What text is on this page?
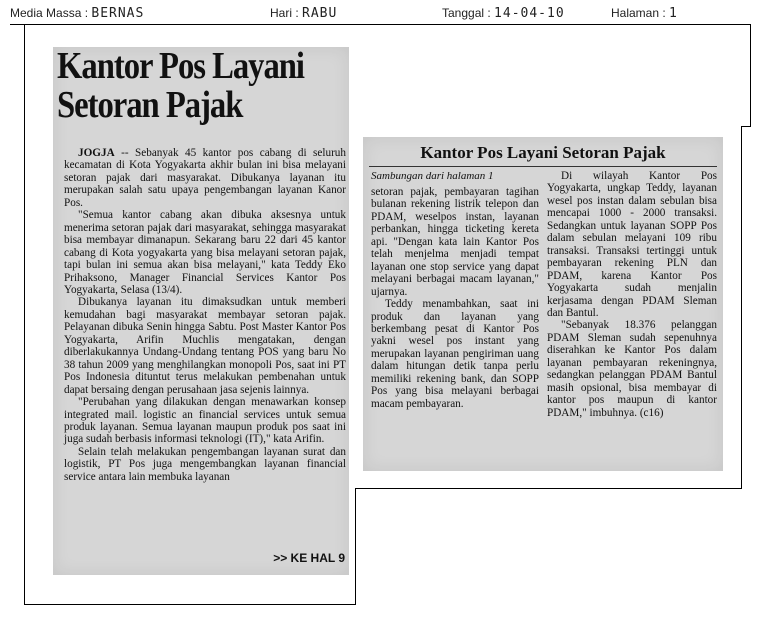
Media Massa : BERNAS	Hari : RABU	Tanggal : 14-04-10	Halaman : 1
Kantor Pos Layani
Setoran Pajak

JOGJA -- Sebanyak 45 kantor pos cabang di seluruh kecamatan di Kota Yogyakarta akhir bulan ini bisa melayani setoran pajak dari masyarakat. Dibukanya layanan itu merupakan salah satu upaya pengembangan layanan Kanor Pos.

"Semua kantor cabang akan dibuka aksesnya untuk menerima setoran pajak dari masyarakat, sehingga masyarakat bisa membayar dimanapun. Sekarang baru 22 dari 45 kantor cabang di Kota yogyakarta yang bisa melayani setoran pajak, tapi bulan ini semua akan bisa melayani," kata Teddy Eko Prihaksono, Manager Financial Services Kantor Pos Yogyakarta, Selasa (13/4).

Dibukanya layanan itu dimaksudkan untuk memberi kemudahan bagi masyarakat membayar setoran pajak. Pelayanan dibuka Senin hingga Sabtu. Post Master Kantor Pos Yogyakarta, Arifin Muchlis mengatakan, dengan diberlakukannya Undang-Undang tentang POS yang baru No 38 tahun 2009 yang menghilangkan monopoli Pos, saat ini PT Pos Indonesia dituntut terus melakukan pembenahan untuk dapat bersaing dengan perusahaan jasa sejenis lainnya.

"Perubahan yang dilakukan dengan menawarkan konsep integrated mail. logistic an financial services untuk semua produk layanan. Semua layanan maupun produk pos saat ini juga sudah berbasis informasi teknologi (IT)," kata Arifin.

Selain telah melakukan pengembangan layanan surat dan logistik, PT Pos juga mengembangkan layanan financial service antara lain membuka layanan

>> KE HAL 9
Kantor Pos Layani Setoran Pajak
Sambungan dari halaman 1

setoran pajak, pembayaran tagihan bulanan rekening listrik telepon dan PDAM, weselpos instan, layanan perbankan, hingga ticketing kereta api. "Dengan kata lain Kantor Pos telah menjelma menjadi tempat layanan one stop service yang dapat melayani berbagai macam layanan," ujarnya.

Teddy menambahkan, saat ini produk dan layanan yang berkembang pesat di Kantor Pos yakni wesel pos instant yang merupakan layanan pengiriman uang dalam hitungan detik tanpa perlu memiliki rekening bank, dan SOPP Pos yang bisa melayani berbagai macam pembayaran.

Di wilayah Kantor Pos Yogyakarta, ungkap Teddy, layanan wesel pos instan dalam sebulan bisa mencapai 1000 - 2000 transaksi. Sedangkan untuk layanan SOPP Pos dalam sebulan melayani 109 ribu transaksi. Transaksi tertinggi untuk pembayaran rekening PLN dan PDAM, karena Kantor Pos Yogyakarta sudah menjalin kerjasama dengan PDAM Sleman dan Bantul.

"Sebanyak 18.376 pelanggan PDAM Sleman sudah sepenuhnya diserahkan ke Kantor Pos dalam layanan pembayaran rekeningnya, sedangkan pelanggan PDAM Bantul masih opsional, bisa membayar di kantor pos maupun di kantor PDAM," imbuhnya. (c16)
